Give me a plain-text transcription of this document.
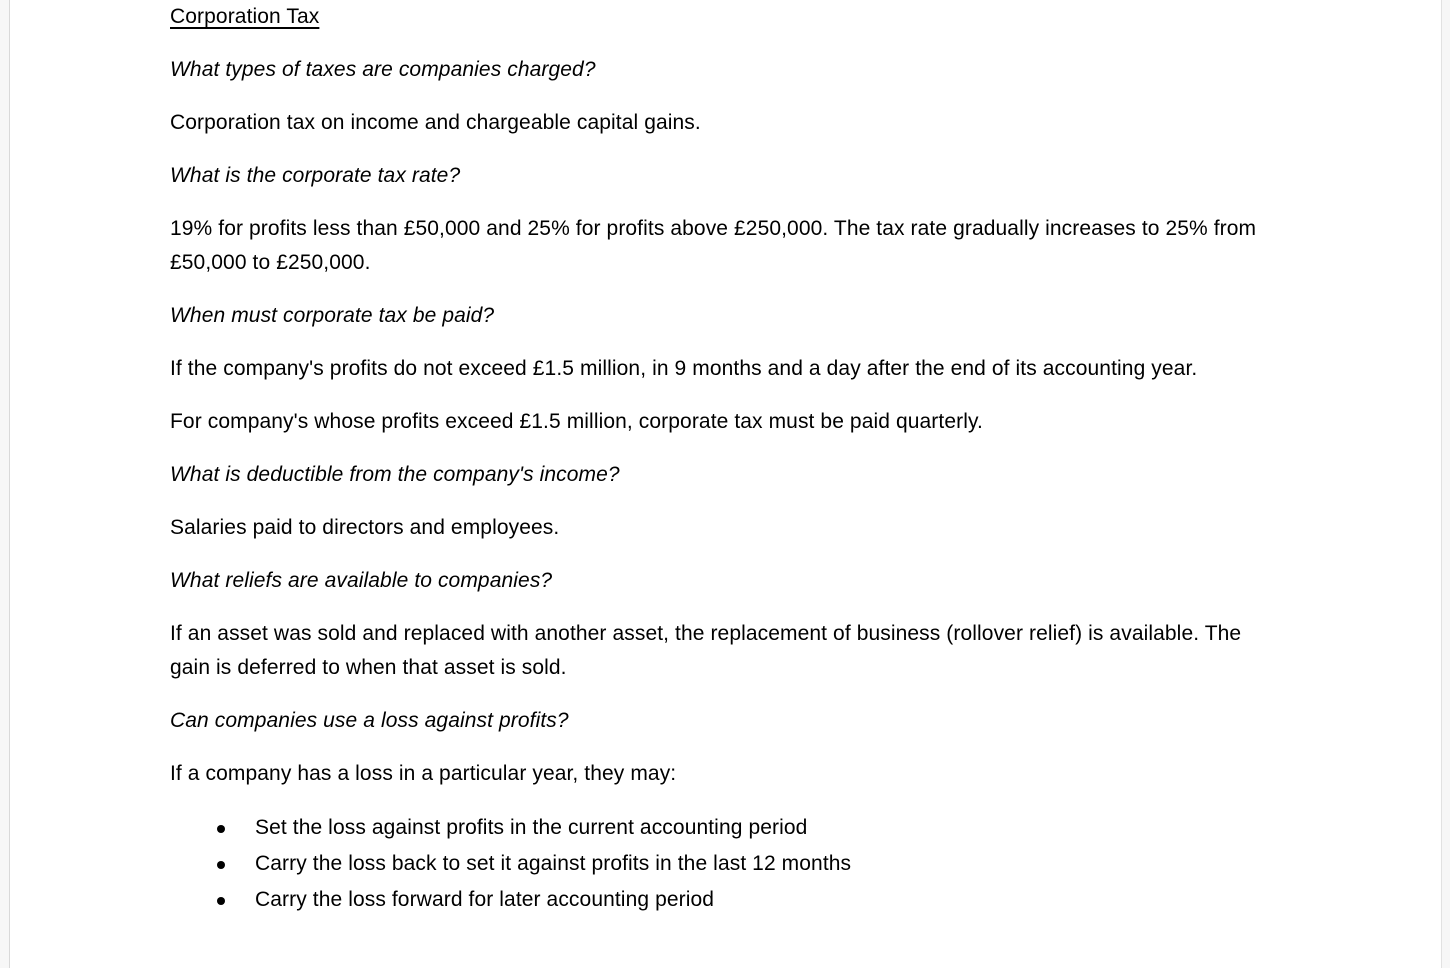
Corporation Tax

What types of taxes are companies charged?

Corporation tax on income and chargeable capital gains.

What is the corporate tax rate?

19% for profits less than £50,000 and 25% for profits above £250,000. The tax rate gradually increases to 25% from £50,000 to £250,000.

When must corporate tax be paid?

If the company's profits do not exceed £1.5 million, in 9 months and a day after the end of its accounting year.

For company's whose profits exceed £1.5 million, corporate tax must be paid quarterly.

What is deductible from the company's income?

Salaries paid to directors and employees.

What reliefs are available to companies?

If an asset was sold and replaced with another asset, the replacement of business (rollover relief) is available. The gain is deferred to when that asset is sold.

Can companies use a loss against profits?

If a company has a loss in a particular year, they may:

Set the loss against profits in the current accounting period
Carry the loss back to set it against profits in the last 12 months
Carry the loss forward for later accounting period
